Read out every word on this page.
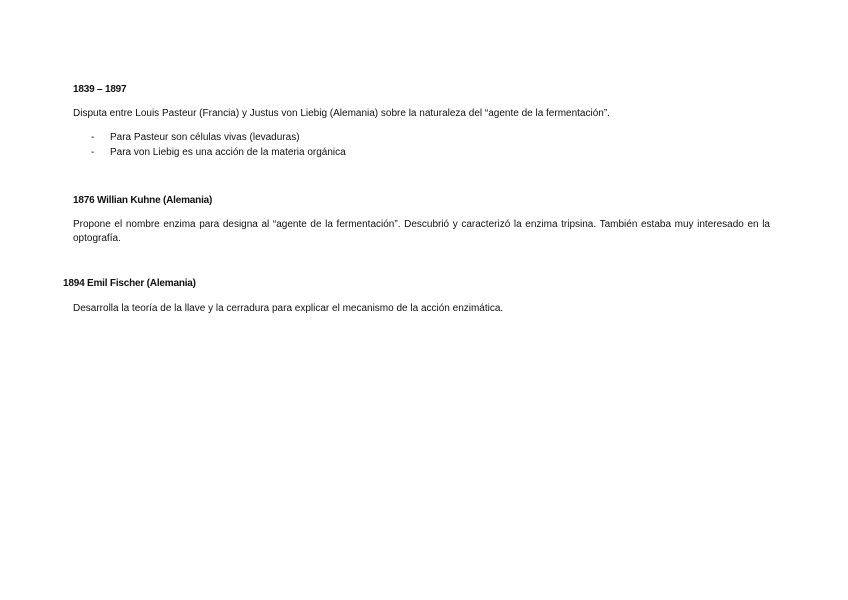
1839 – 1897
Disputa entre Louis Pasteur (Francia) y Justus von Liebig (Alemania) sobre la naturaleza del “agente de la fermentación”.
-	Para Pasteur son células vivas (levaduras)
-	Para von Liebig es una acción de la materia orgánica
1876 Willian Kuhne (Alemania)
Propone el nombre enzima para designa al “agente de la fermentación”. Descubrió y caracterizó la enzima tripsina. También estaba muy interesado en la optografía.
1894 Emil Fischer (Alemania)
Desarrolla la teoría de la llave y la cerradura para explicar el mecanismo de la acción enzimática.
